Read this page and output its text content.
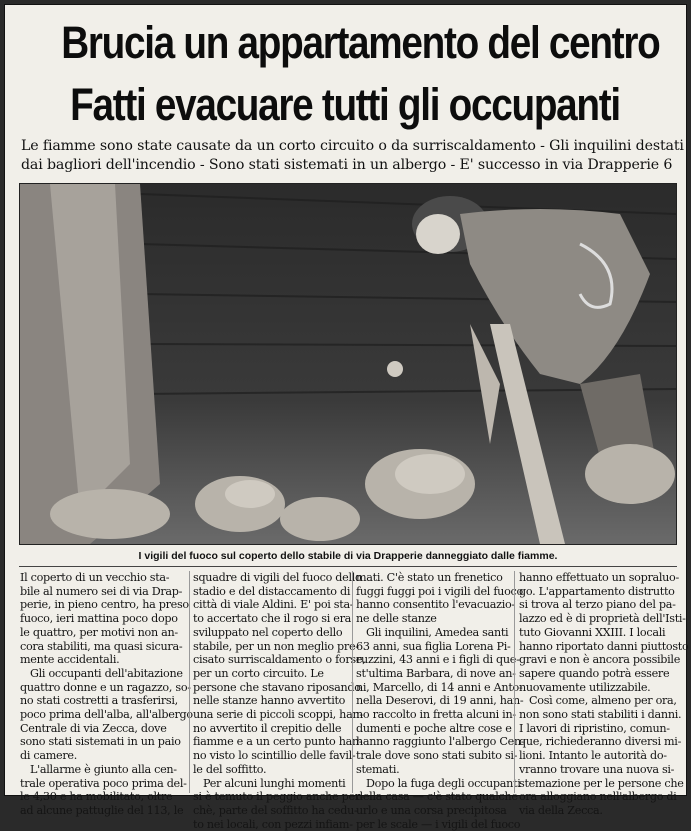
Brucia un appartamento del centro
Fatti evacuare tutti gli occupanti
Le fiamme sono state causate da un corto circuito o da surriscaldamento - Gli inquilini destati
dai bagliori dell'incendio - Sono stati sistemati in un albergo - E' successo in via Drapperie 6
I vigili del fuoco sul coperto dello stabile di via Drapperie danneggiato dalle fiamme.
Il coperto di un vecchio sta-
bile al numero sei di via Drap-
perie, in pieno centro, ha preso
fuoco, ieri mattina poco dopo
le quattro, per motivi non an-
cora stabiliti, ma quasi sicura-
mente accidentali.
Gli occupanti dell'abitazione
quattro donne e un ragazzo, so-
no stati costretti a trasferirsi,
poco prima dell'alba, all'albergo
Centrale di via Zecca, dove
sono stati sistemati in un paio
di camere.
L'allarme è giunto alla cen-
trale operativa poco prima del-
le 4,30 e ha mobilitato, oltre
ad alcune pattuglie del 113, le
squadre di vigili del fuoco dello
stadio e del distaccamento di
città di viale Aldini. E' poi sta-
to accertato che il rogo si era
sviluppato nel coperto dello
stabile, per un non meglio pre-
cisato surriscaldamento o forse,
per un corto circuito. Le
persone che stavano riposando
nelle stanze hanno avvertito
una serie di piccoli scoppi, han-
no avvertito il crepitio delle
fiamme e a un certo punto han-
no visto lo scintillio delle favil-
le del soffitto.
Per alcuni lunghi momenti
si è temuto il peggio anche per-
chè, parte del soffitto ha cedu-
to nei locali, con pezzi infiam-
mati. C'è stato un frenetico
fuggi fuggi poi i vigili del fuoco
hanno consentito l'evacuazio-
ne delle stanze
Gli inquilini, Amedea santi
63 anni, sua figlia Lorena Pi-
ruzzini, 43 anni e i figli di que-
st'ultima Barbara, di nove an-
ni, Marcello, di 14 anni e Anto-
nella Deserovi, di 19 anni, han-
no raccolto in fretta alcuni in-
dumenti e poche altre cose e
hanno raggiunto l'albergo Cen-
trale dove sono stati subito si-
stemati.
Dopo la fuga degli occupanti
della casa — c'è stato qualche
urlo e una corsa precipitosa
per le scale — i vigili del fuoco
hanno effettuato un sopraluo-
go. L'appartamento distrutto
si trova al terzo piano del pa-
lazzo ed è di proprietà dell'Isti-
tuto Giovanni XXIII. I locali
hanno riportato danni piuttosto
gravi e non è ancora possibile
sapere quando potrà essere
nuovamente utilizzabile.
Così come, almeno per ora,
non sono stati stabiliti i danni.
I lavori di ripristino, comun-
que, richiederanno diversi mi-
lioni. Intanto le autorità do-
vranno trovare una nuova si-
stemazione per le persone che
ora alloggiano nell'albergo di
via della Zecca.
